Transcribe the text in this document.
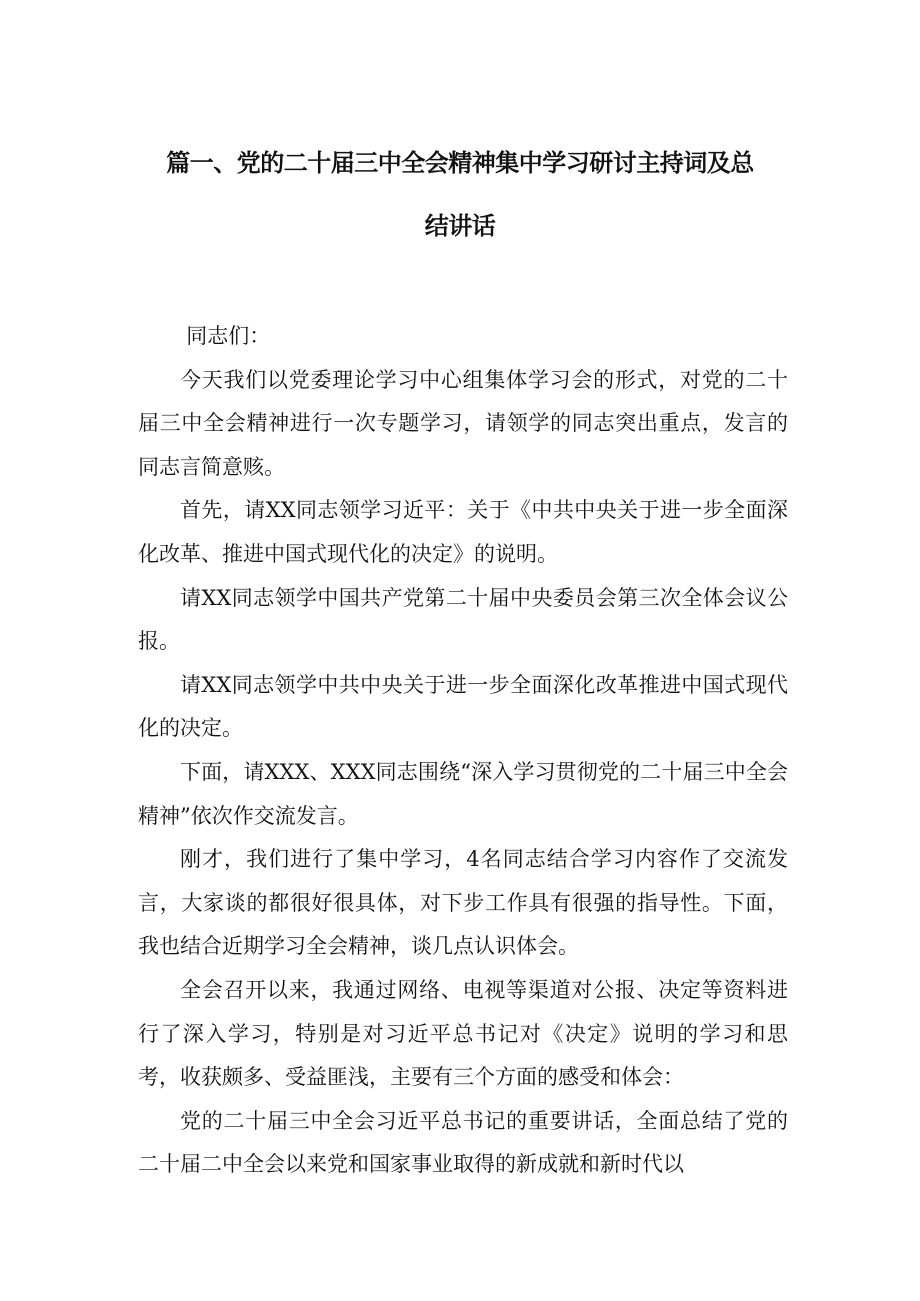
篇一、党的二十届三中全会精神集中学习研讨主持词及总
结讲话

同志们：

今天我们以党委理论学习中心组集体学习会的形式，对党的二十届三中全会精神进行一次专题学习，请领学的同志突出重点，发言的同志言简意赅。

首先，请XX同志领学习近平：关于《中共中央关于进一步全面深化改革、推进中国式现代化的决定》的说明。

请XX同志领学中国共产党第二十届中央委员会第三次全体会议公报。

请XX同志领学中共中央关于进一步全面深化改革推进中国式现代化的决定。

下面，请XXX、XXX同志围绕“深入学习贯彻党的二十届三中全会精神”依次作交流发言。

刚才，我们进行了集中学习，4名同志结合学习内容作了交流发言，大家谈的都很好很具体，对下步工作具有很强的指导性。下面，我也结合近期学习全会精神，谈几点认识体会。

全会召开以来，我通过网络、电视等渠道对公报、决定等资料进行了深入学习，特别是对习近平总书记对《决定》说明的学习和思考，收获颇多、受益匪浅，主要有三个方面的感受和体会：

党的二十届三中全会习近平总书记的重要讲话，全面总结了党的二十届二中全会以来党和国家事业取得的新成就和新时代以
